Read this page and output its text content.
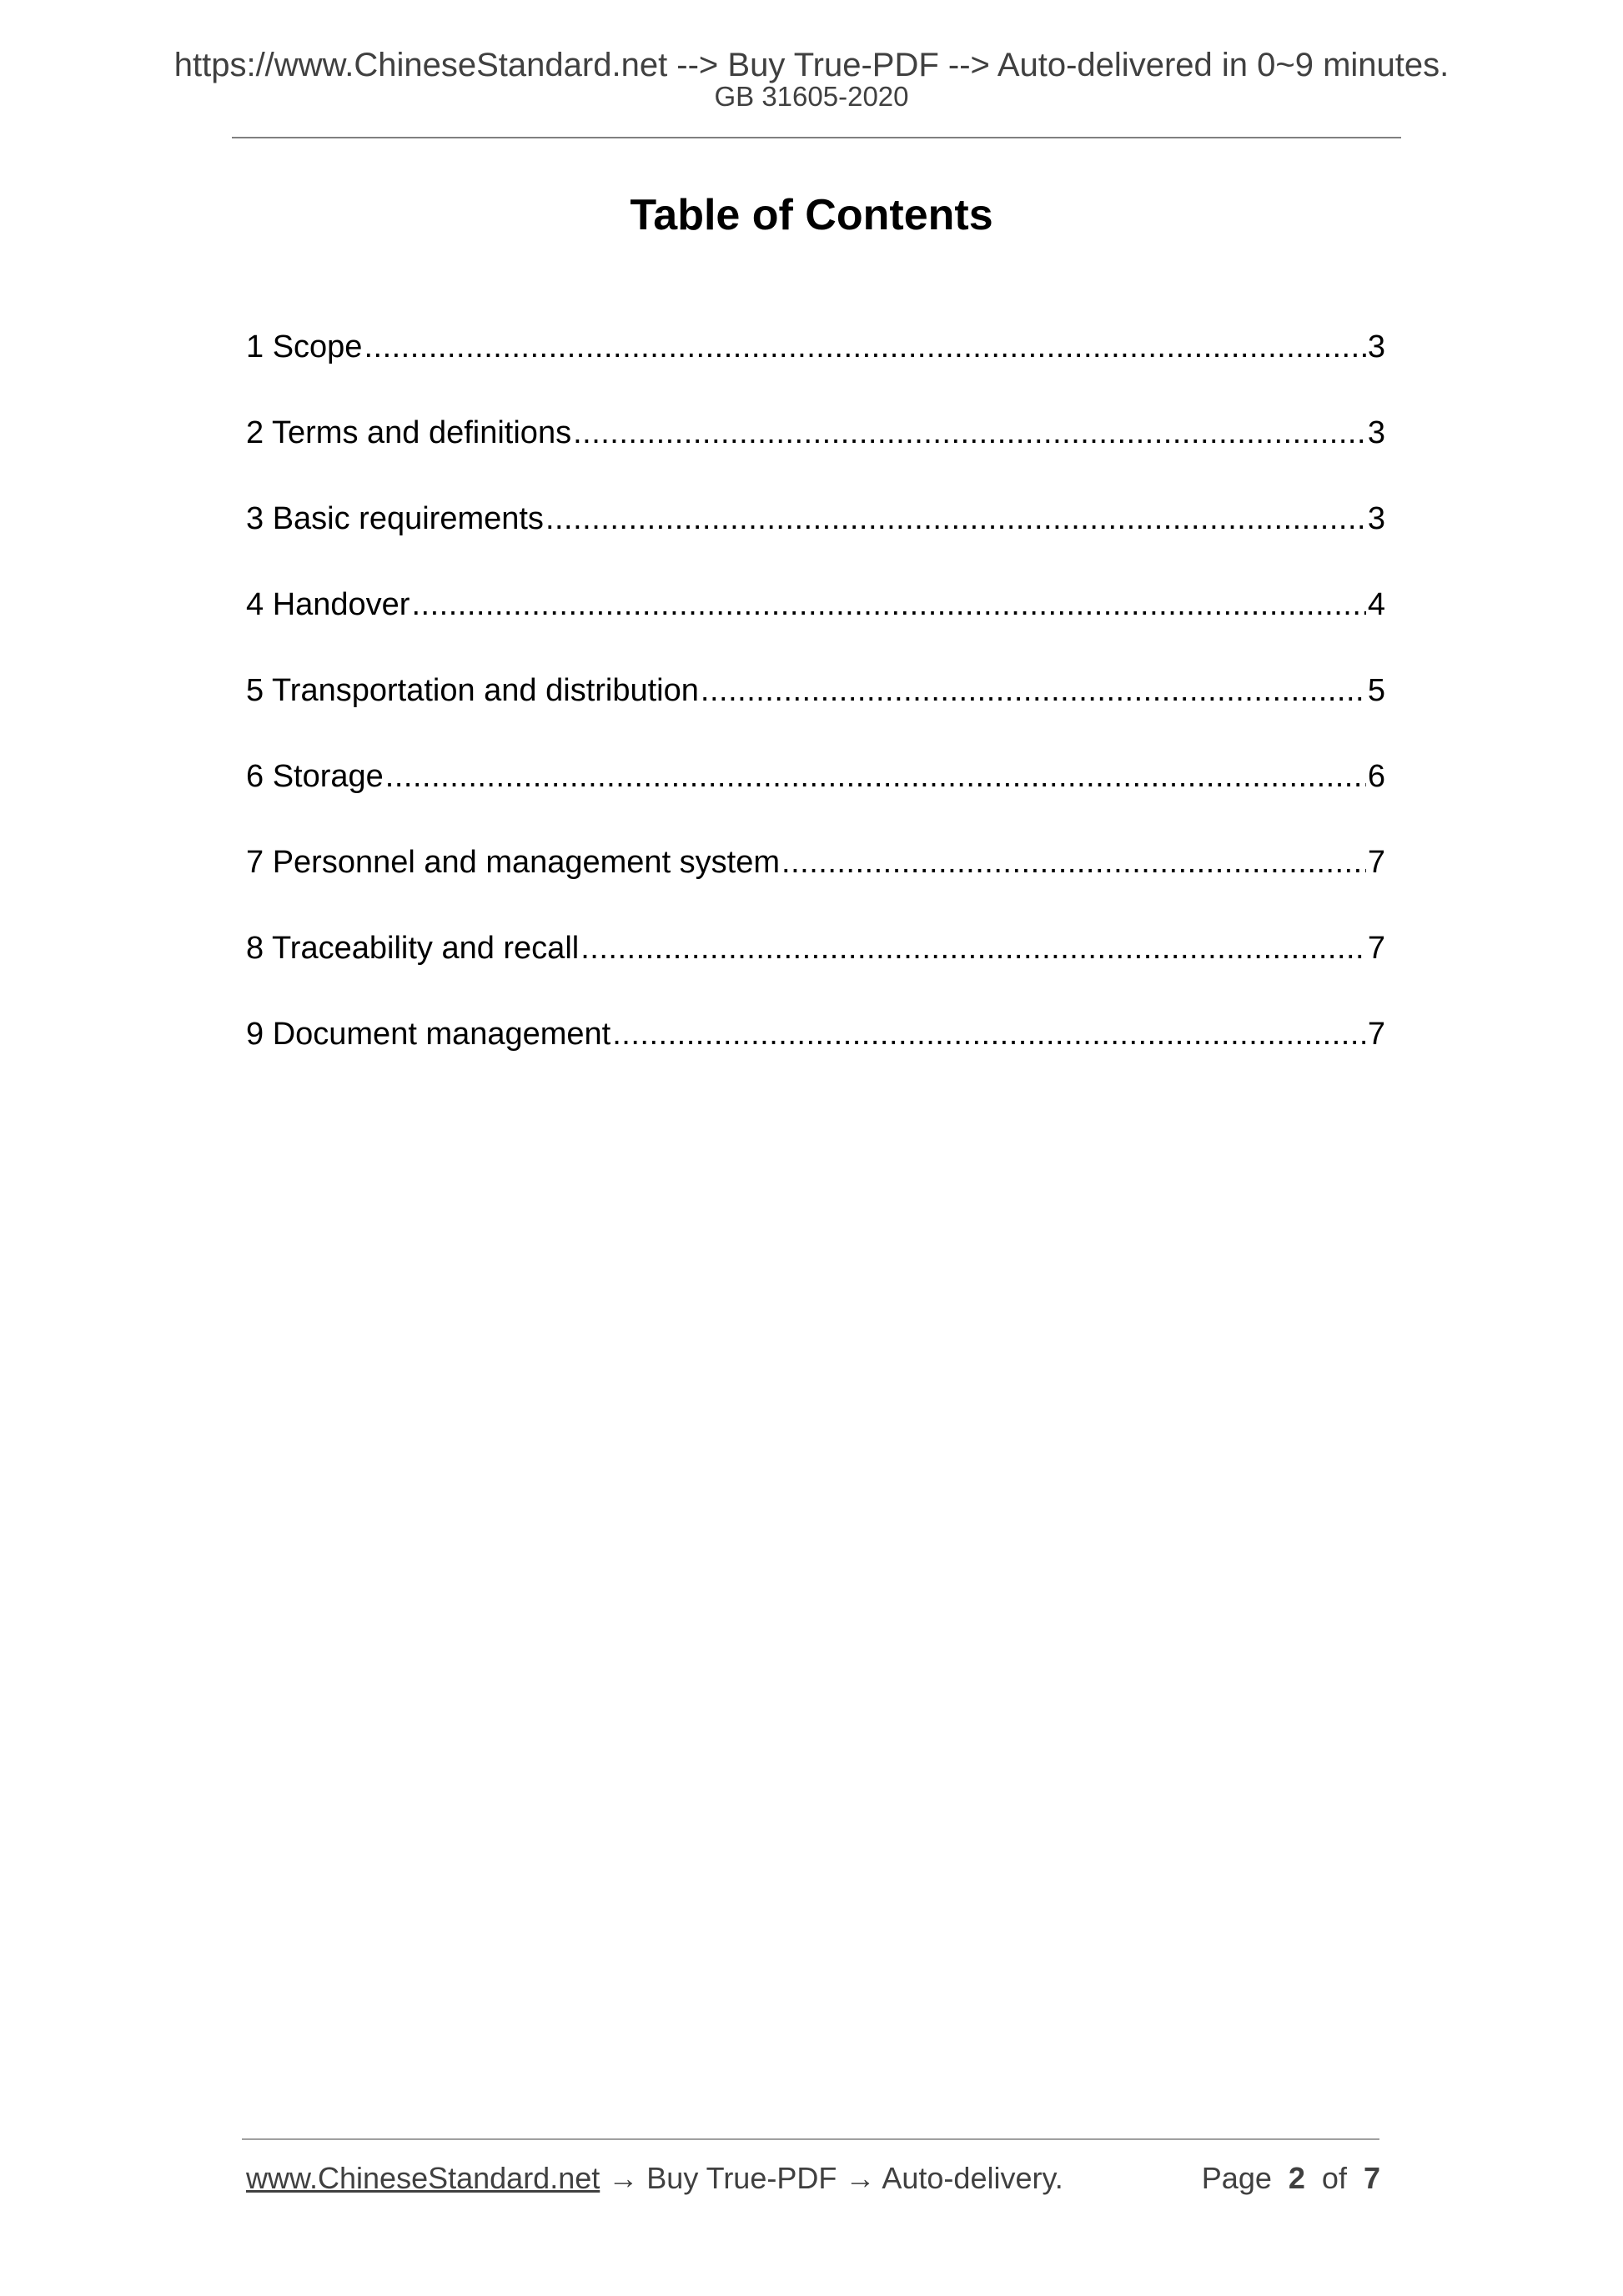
https://www.ChineseStandard.net --> Buy True-PDF --> Auto-delivered in 0~9 minutes.
GB 31605-2020
Table of Contents
1 Scope .....	3
2 Terms and definitions .....	3
3 Basic requirements .....	3
4 Handover .....	4
5 Transportation and distribution .....	5
6 Storage .....	6
7 Personnel and management system .....	7
8 Traceability and recall .....	7
9 Document management .....	7
www.ChineseStandard.net → Buy True-PDF → Auto-delivery.	Page 2 of 7
